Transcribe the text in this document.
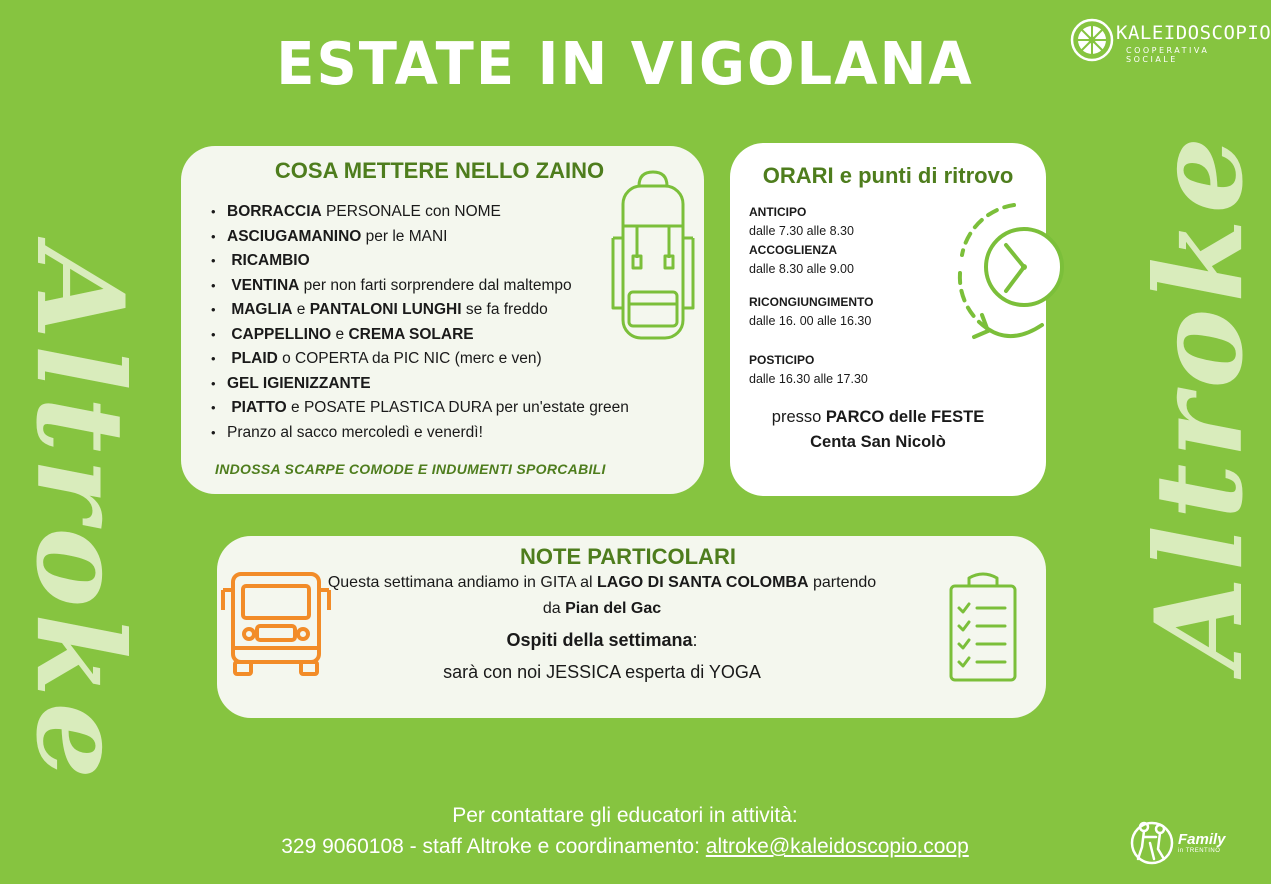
ESTATE IN VIGOLANA	KALEIDOSCOPIO
COOPERATIVA SOCIALE
Altroke	Altroke
COSA METTERE NELLO ZAINO
• BORRACCIA PERSONALE con NOME
• ASCIUGAMANINO per le MANI
• RICAMBIO
• VENTINA per non farti sorprendere dal maltempo
• MAGLIA e PANTALONI LUNGHI se fa freddo
• CAPPELLINO e CREMA SOLARE
• PLAID o COPERTA da PIC NIC (merc e ven)
• GEL IGIENIZZANTE
• PIATTO e POSATE PLASTICA DURA per un'estate green
• Pranzo al sacco mercoledì e venerdì!
INDOSSA SCARPE COMODE E INDUMENTI SPORCABILI
ORARI e punti di ritrovo
ANTICIPO
dalle 7.30 alle 8.30
ACCOGLIENZA
dalle 8.30 alle 9.00
RICONGIUNGIMENTO
dalle 16. 00 alle 16.30
POSTICIPO
dalle 16.30 alle 17.30
presso PARCO delle FESTE
Centa San Nicolò
NOTE PARTICOLARI
Questa settimana andiamo in GITA al LAGO DI SANTA COLOMBA partendo
da Pian del Gac
Ospiti della settimana:
sarà con noi JESSICA esperta di YOGA
Per contattare gli educatori in attività:
329 9060108 - staff Altroke e coordinamento: altroke@kaleidoscopio.coop	Family
in TRENTINO
